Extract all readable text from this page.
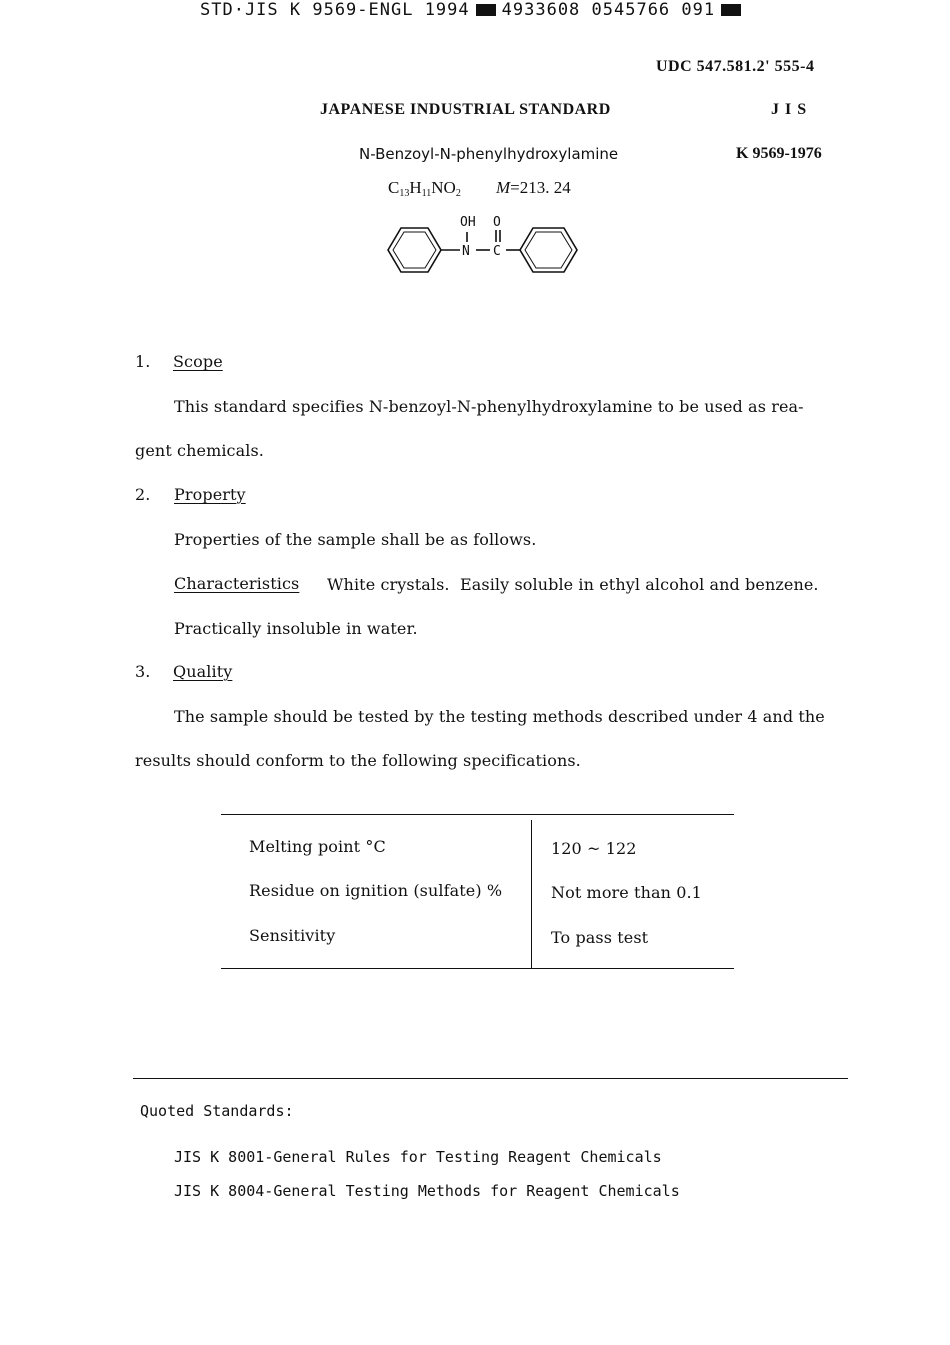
STD·JIS K 9569-ENGL 1994 4933608 0545766 091
UDC 547.581.2' 555-4
JAPANESE INDUSTRIAL STANDARD	J I S
N-Benzoyl-N-phenylhydroxylamine	K 9569-1976
$C_{13}H_{11}NO_2$ M=213. 24
OH O
N C
1. Scope
This standard specifies N-benzoyl-N-phenylhydroxylamine to be used as rea-
gent chemicals.
2. Property
Properties of the sample shall be as follows.
Characteristics White crystals.  Easily soluble in ethyl alcohol and benzene.
Practically insoluble in water.
3. Quality
The sample should be tested by the testing methods described under 4 and the
results should conform to the following specifications.
Melting point °C	120 ~ 122
Residue on ignition (sulfate) %	Not more than 0.1
Sensitivity	To pass test
Quoted Standards:
JIS K 8001-General Rules for Testing Reagent Chemicals
JIS K 8004-General Testing Methods for Reagent Chemicals
